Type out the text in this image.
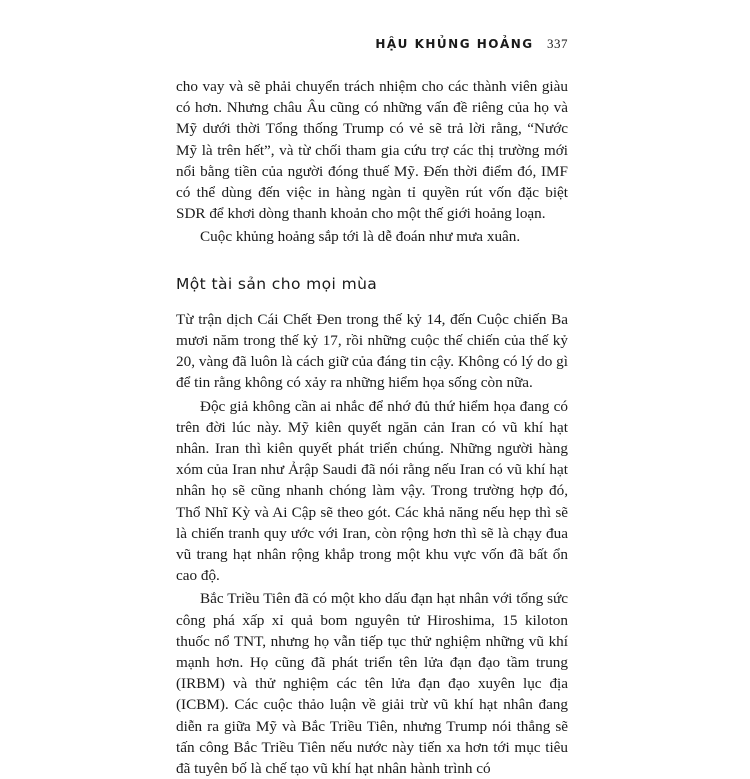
HẬU KHỦNG HOẢNG 337

cho vay và sẽ phải chuyển trách nhiệm cho các thành viên giàu có hơn. Nhưng châu Âu cũng có những vấn đề riêng của họ và Mỹ dưới thời Tổng thống Trump có vẻ sẽ trả lời rằng, “Nước Mỹ là trên hết”, và từ chối tham gia cứu trợ các thị trường mới nổi bằng tiền của người đóng thuế Mỹ. Đến thời điểm đó, IMF có thể dùng đến việc in hàng ngàn tỉ quyền rút vốn đặc biệt SDR để khơi dòng thanh khoản cho một thế giới hoảng loạn.

Cuộc khủng hoảng sắp tới là dễ đoán như mưa xuân.

Một tài sản cho mọi mùa

Từ trận dịch Cái Chết Đen trong thế kỷ 14, đến Cuộc chiến Ba mươi năm trong thế kỷ 17, rồi những cuộc thế chiến của thế kỷ 20, vàng đã luôn là cách giữ của đáng tin cậy. Không có lý do gì để tin rằng không có xảy ra những hiểm họa sống còn nữa.

Độc giả không cần ai nhắc để nhớ đủ thứ hiểm họa đang có trên đời lúc này. Mỹ kiên quyết ngăn cản Iran có vũ khí hạt nhân. Iran thì kiên quyết phát triển chúng. Những người hàng xóm của Iran như Ảrập Saudi đã nói rằng nếu Iran có vũ khí hạt nhân họ sẽ cũng nhanh chóng làm vậy. Trong trường hợp đó, Thổ Nhĩ Kỳ và Ai Cập sẽ theo gót. Các khả năng nếu hẹp thì sẽ là chiến tranh quy ước với Iran, còn rộng hơn thì sẽ là chạy đua vũ trang hạt nhân rộng khắp trong một khu vực vốn đã bất ổn cao độ.

Bắc Triều Tiên đã có một kho dấu đạn hạt nhân với tổng sức công phá xấp xỉ quả bom nguyên tử Hiroshima, 15 kiloton thuốc nổ TNT, nhưng họ vẫn tiếp tục thử nghiệm những vũ khí mạnh hơn. Họ cũng đã phát triển tên lửa đạn đạo tầm trung (IRBM) và thử nghiệm các tên lửa đạn đạo xuyên lục địa (ICBM). Các cuộc thảo luận về giải trừ vũ khí hạt nhân đang diễn ra giữa Mỹ và Bắc Triều Tiên, nhưng Trump nói thẳng sẽ tấn công Bắc Triều Tiên nếu nước này tiến xa hơn tới mục tiêu đã tuyên bố là chế tạo vũ khí hạt nhân hành trình có
